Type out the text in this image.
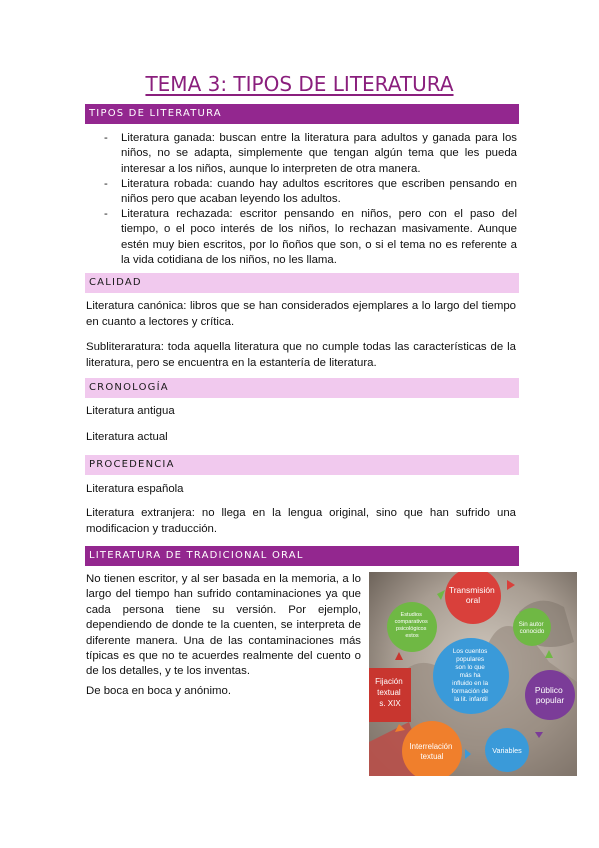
TEMA 3: TIPOS DE LITERATURA
TIPOS DE LITERATURA
- Literatura ganada: buscan entre la literatura para adultos y ganada para los niños, no se adapta, simplemente que tengan algún tema que les pueda interesar a los niños, aunque lo interpreten de otra manera.
- Literatura robada: cuando hay adultos escritores que escriben pensando en niños pero que acaban leyendo los adultos.
- Literatura rechazada: escritor pensando en niños, pero con el paso del tiempo, o el poco interés de los niños, lo rechazan masivamente. Aunque estén muy bien escritos, por lo ñoños que son, o si el tema no es referente a la vida cotidiana de los niños, no les llama.
CALIDAD
Literatura canónica: libros que se han considerados ejemplares a lo largo del tiempo en cuanto a lectores y crítica.
Subliteraratura: toda aquella literatura que no cumple todas las características de la literatura, pero se encuentra en la estantería de literatura.
CRONOLOGÍA
Literatura antigua
Literatura actual
PROCEDENCIA
Literatura española
Literatura extranjera: no llega en la lengua original, sino que han sufrido una modificacion y traducción.
LITERATURA DE TRADICIONAL ORAL
No tienen escritor, y al ser basada en la memoria, a lo largo del tiempo han sufrido contaminaciones ya que cada persona tiene su versión. Por ejemplo, dependiendo de donde te la cuenten, se interpreta de diferente manera. Una de las contaminaciones más típicas es que no te acuerdes realmente del cuento o de los detalles, y te los inventas.
De boca en boca y anónimo.
Transmisión oral
Sin autor conocido
Estudios comparativos psicológicos estos
Los cuentos populares son lo que más ha influido en la formación de la lit. infantil
Público popular
Variables
Interrelación textual
Fijación textual s. XIX
